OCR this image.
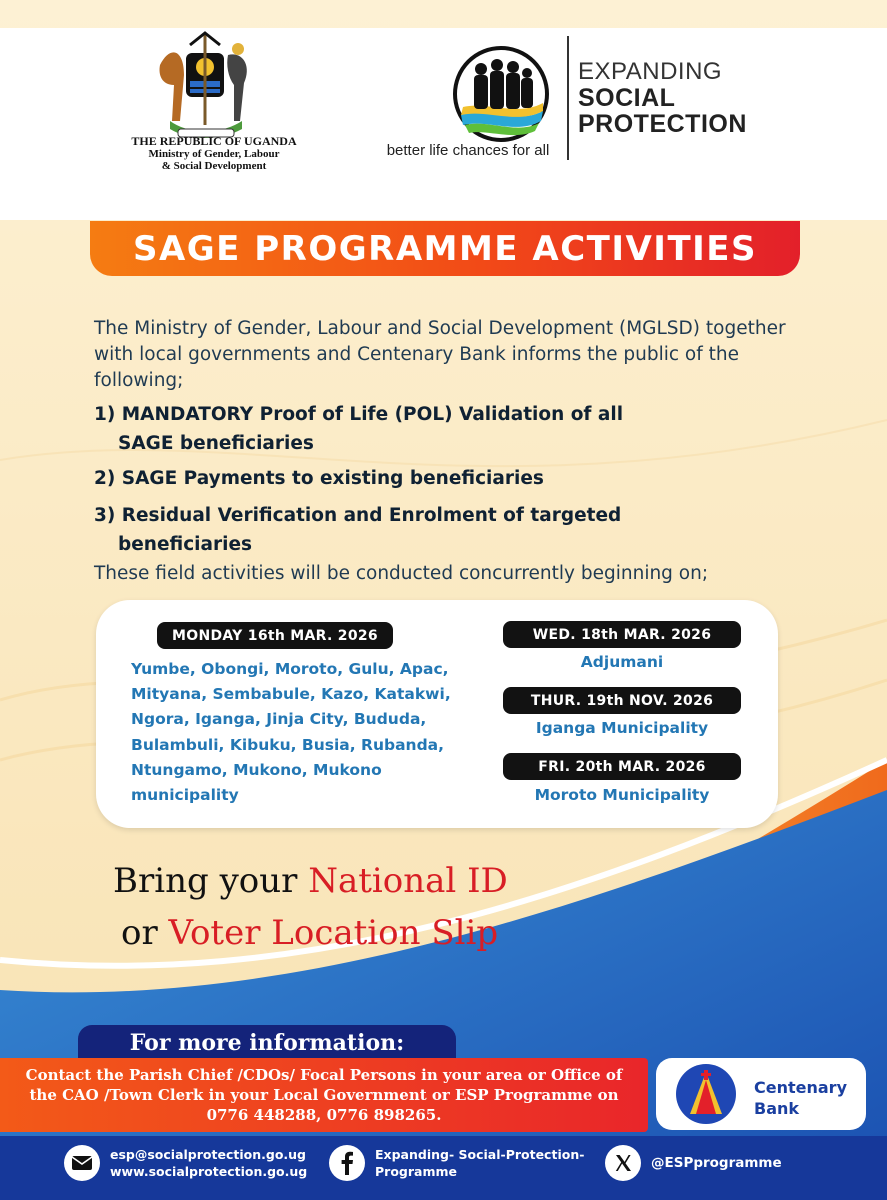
THE REPUBLIC OF UGANDA
Ministry of Gender, Labour
& Social Development
EXPANDING
SOCIAL
PROTECTION
better life chances for all
SAGE PROGRAMME ACTIVITIES
The Ministry of Gender, Labour and Social Development (MGLSD) together with local governments and Centenary Bank informs the public of the following;
1) MANDATORY Proof of Life (POL) Validation of all
SAGE beneficiaries
2) SAGE Payments to existing beneficiaries
3) Residual Verification and Enrolment of targeted
beneficiaries
These field activities will be conducted concurrently beginning on;
MONDAY 16th MAR. 2026
Yumbe, Obongi, Moroto, Gulu, Apac, Mityana, Sembabule, Kazo, Katakwi, Ngora, Iganga, Jinja City, Bududa, Bulambuli, Kibuku, Busia, Rubanda, Ntungamo, Mukono, Mukono municipality
WED. 18th MAR. 2026
Adjumani
THUR. 19th NOV. 2026
Iganga Municipality
FRI. 20th MAR. 2026
Moroto Municipality
Bring your National ID
or Voter Location Slip
For more information:
Contact the Parish Chief /CDOs/ Focal Persons in your area or Office of the CAO /Town Clerk in your Local Government or ESP Programme on 0776 448288, 0776 898265.
Centenary
Bank
esp@socialprotection.go.ug
www.socialprotection.go.ug
Expanding- Social-Protection- Programme
@ESPprogramme
